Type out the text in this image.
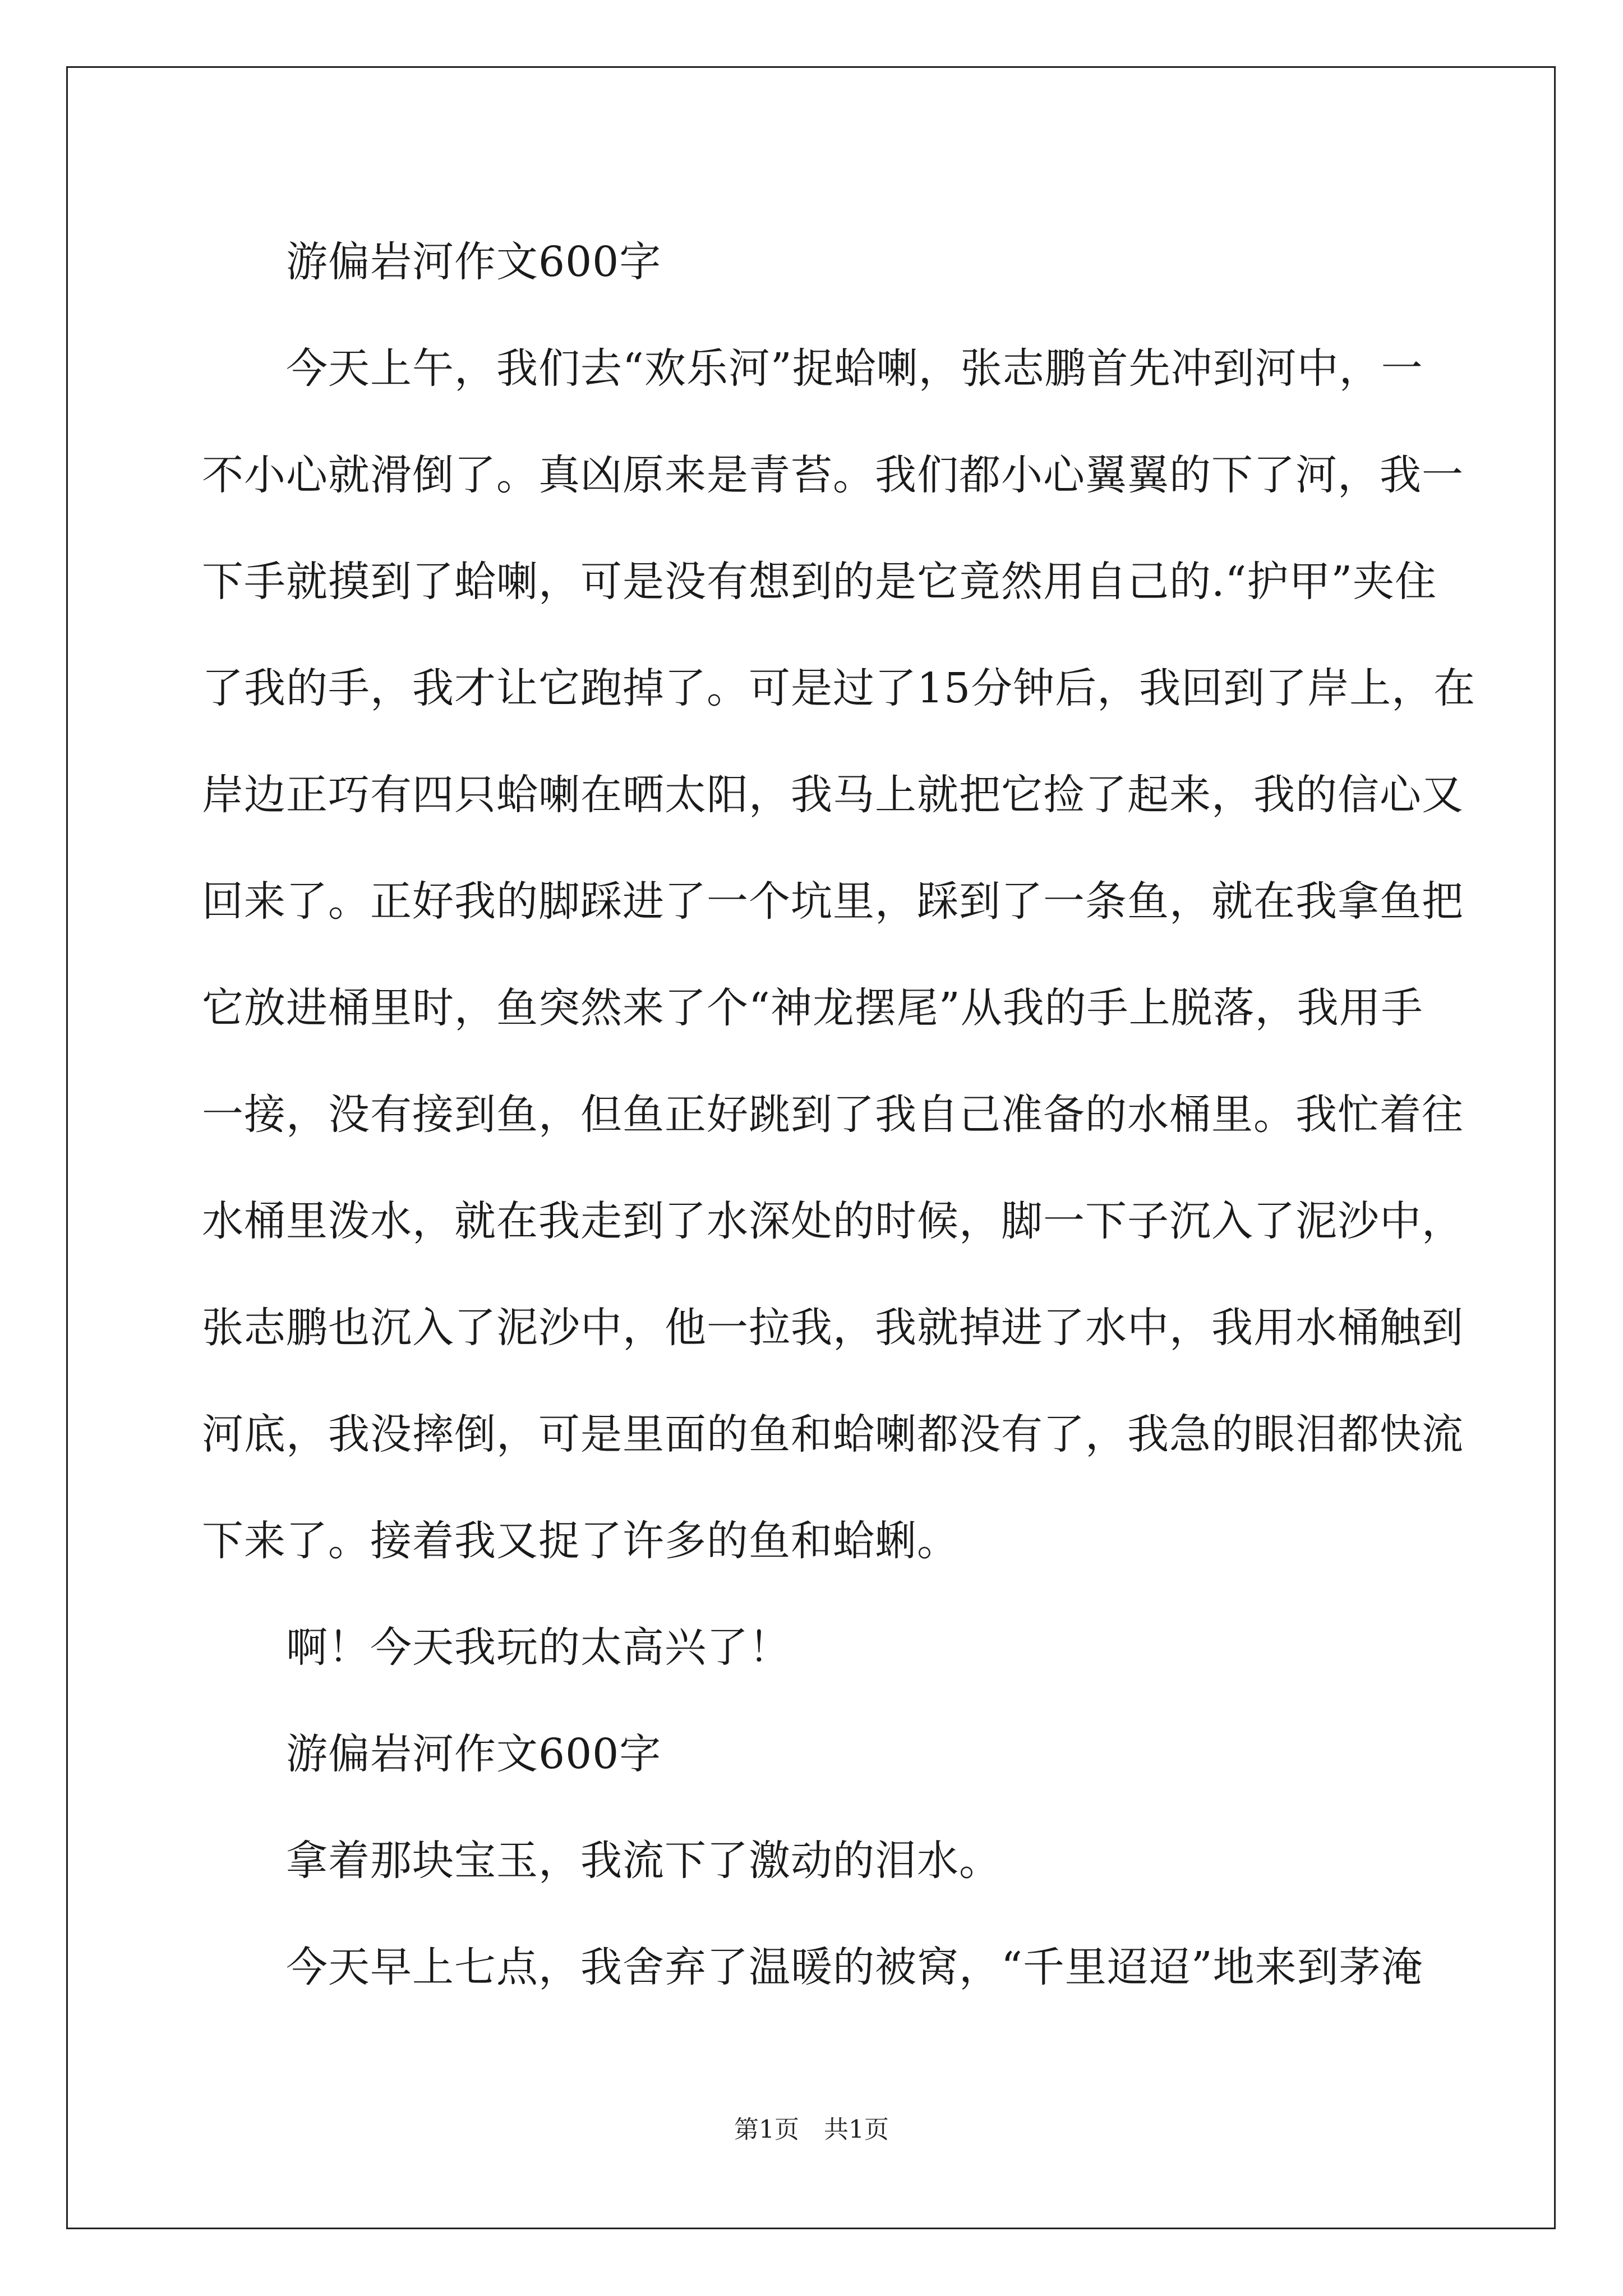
游偏岩河作文600字
今天上午，我们去“欢乐河”捉蛤喇，张志鹏首先冲到河中，一
不小心就滑倒了。真凶原来是青苔。我们都小心翼翼的下了河，我一
下手就摸到了蛤喇，可是没有想到的是它竟然用自己的.“护甲”夹住
了我的手，我才让它跑掉了。可是过了15分钟后，我回到了岸上，在
岸边正巧有四只蛤喇在晒太阳，我马上就把它捡了起来，我的信心又
回来了。正好我的脚踩进了一个坑里，踩到了一条鱼，就在我拿鱼把
它放进桶里时，鱼突然来了个“神龙摆尾”从我的手上脱落，我用手
一接，没有接到鱼，但鱼正好跳到了我自己准备的水桶里。我忙着往
水桶里泼水，就在我走到了水深处的时候，脚一下子沉入了泥沙中，
张志鹏也沉入了泥沙中，他一拉我，我就掉进了水中，我用水桶触到
河底，我没摔倒，可是里面的鱼和蛤喇都没有了，我急的眼泪都快流
下来了。接着我又捉了许多的鱼和蛤蜊。
啊！今天我玩的太高兴了！
游偏岩河作文600字
拿着那块宝玉，我流下了激动的泪水。
今天早上七点，我舍弃了温暖的被窝，“千里迢迢”地来到茅淹
第1页　共1页
